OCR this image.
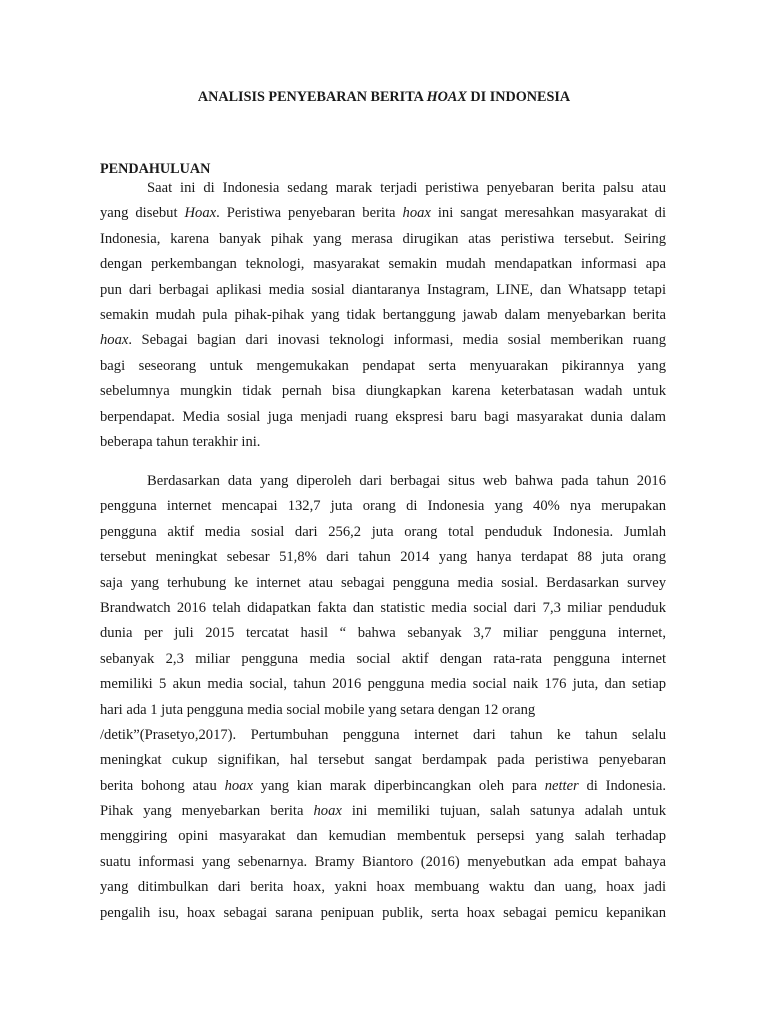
ANALISIS PENYEBARAN BERITA HOAX DI INDONESIA
PENDAHULUAN
Saat ini di Indonesia sedang marak terjadi peristiwa penyebaran berita palsu atau
yang disebut Hoax. Peristiwa penyebaran berita hoax ini sangat meresahkan masyarakat di
Indonesia, karena banyak pihak yang merasa dirugikan atas peristiwa tersebut. Seiring
dengan perkembangan teknologi, masyarakat semakin mudah mendapatkan informasi apa
pun dari berbagai aplikasi media sosial diantaranya Instagram, LINE, dan Whatsapp tetapi
semakin mudah pula pihak-pihak yang tidak bertanggung jawab dalam menyebarkan berita
hoax. Sebagai bagian dari inovasi teknologi informasi, media sosial memberikan ruang
bagi seseorang untuk mengemukakan pendapat serta menyuarakan pikirannya yang
sebelumnya mungkin tidak pernah bisa diungkapkan karena keterbatasan wadah untuk
berpendapat. Media sosial juga menjadi ruang ekspresi baru bagi masyarakat dunia dalam
beberapa tahun terakhir ini.
Berdasarkan data yang diperoleh dari berbagai situs web bahwa pada tahun 2016
pengguna internet mencapai 132,7 juta orang di Indonesia yang 40% nya merupakan
pengguna aktif media sosial dari 256,2 juta orang total penduduk Indonesia. Jumlah
tersebut meningkat sebesar 51,8% dari tahun 2014 yang hanya terdapat 88 juta orang
saja yang terhubung ke internet atau sebagai pengguna media sosial. Berdasarkan survey
Brandwatch 2016 telah didapatkan fakta dan statistic media social dari 7,3 miliar penduduk
dunia per juli 2015 tercatat hasil “ bahwa sebanyak 3,7 miliar pengguna internet,
sebanyak 2,3 miliar pengguna media social aktif dengan rata-rata pengguna internet
memiliki 5 akun media social, tahun 2016 pengguna media social naik 176 juta, dan setiap
hari ada 1 juta pengguna media social mobile yang setara dengan 12 orang
/detik”(Prasetyo,2017). Pertumbuhan pengguna internet dari tahun ke tahun selalu
meningkat cukup signifikan, hal tersebut sangat berdampak pada peristiwa penyebaran
berita bohong atau hoax yang kian marak diperbincangkan oleh para netter di Indonesia.
Pihak yang menyebarkan berita hoax ini memiliki tujuan, salah satunya adalah untuk
menggiring opini masyarakat dan kemudian membentuk persepsi yang salah terhadap
suatu informasi yang sebenarnya. Bramy Biantoro (2016) menyebutkan ada empat bahaya
yang ditimbulkan dari berita hoax, yakni hoax membuang waktu dan uang, hoax jadi
pengalih isu, hoax sebagai sarana penipuan publik, serta hoax sebagai pemicu kepanikan
